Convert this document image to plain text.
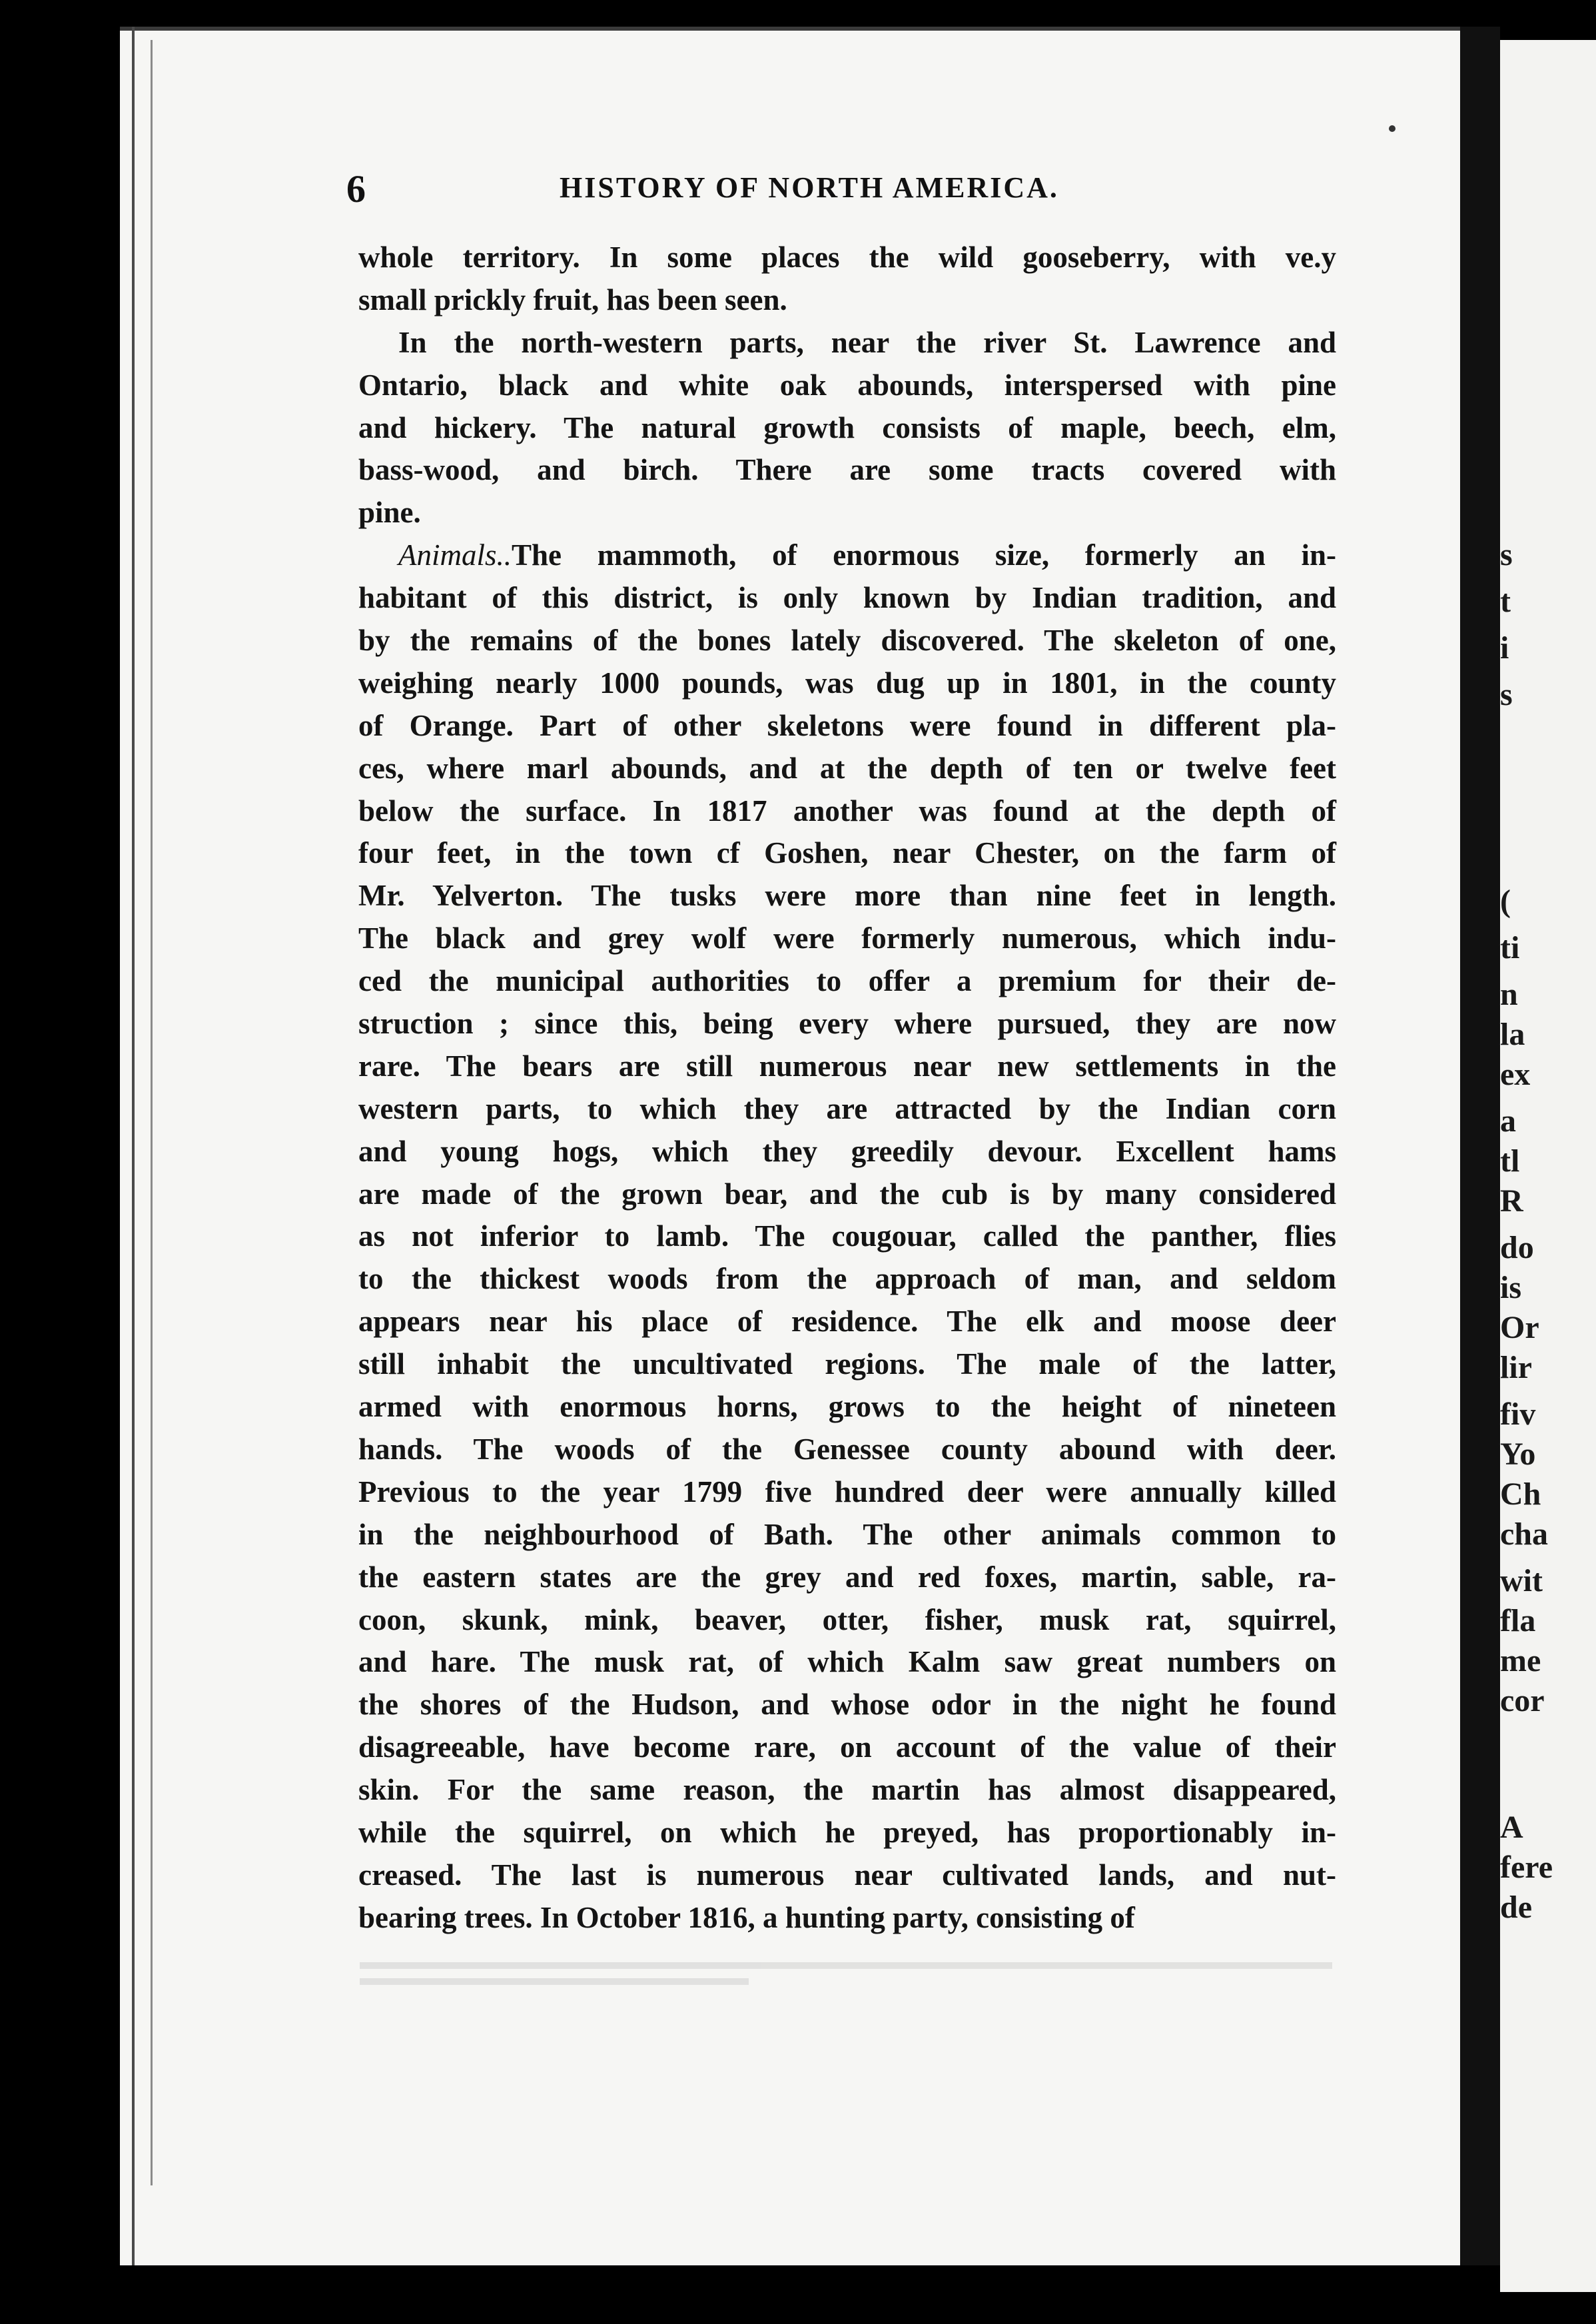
s
t
i
s
(
ti
n
la
ex
a
tl
R
do
is
Or
lir
fiv
Yo
Ch
cha
wit
fla
me
cor
A
fere
de
6	HISTORY OF NORTH AMERICA.
whole territory. In some places the wild gooseberry, with ve.y
small prickly fruit, has been seen.
In the north-western parts, near the river St. Lawrence and
Ontario, black and white oak abounds, interspersed with pine
and hickery. The natural growth consists of maple, beech, elm,
bass-wood, and birch. There are some tracts covered with
pine.
Animals..The mammoth, of enormous size, formerly an in-
habitant of this district, is only known by Indian tradition, and
by the remains of the bones lately discovered. The skeleton of one,
weighing nearly 1000 pounds, was dug up in 1801, in the county
of Orange. Part of other skeletons were found in different pla-
ces, where marl abounds, and at the depth of ten or twelve feet
below the surface. In 1817 another was found at the depth of
four feet, in the town cf Goshen, near Chester, on the farm of
Mr. Yelverton. The tusks were more than nine feet in length.
The black and grey wolf were formerly numerous, which indu-
ced the municipal authorities to offer a premium for their de-
struction ; since this, being every where pursued, they are now
rare. The bears are still numerous near new settlements in the
western parts, to which they are attracted by the Indian corn
and young hogs, which they greedily devour. Excellent hams
are made of the grown bear, and the cub is by many considered
as not inferior to lamb. The cougouar, called the panther, flies
to the thickest woods from the approach of man, and seldom
appears near his place of residence. The elk and moose deer
still inhabit the uncultivated regions. The male of the latter,
armed with enormous horns, grows to the height of nineteen
hands. The woods of the Genessee county abound with deer.
Previous to the year 1799 five hundred deer were annually killed
in the neighbourhood of Bath. The other animals common to
the eastern states are the grey and red foxes, martin, sable, ra-
coon, skunk, mink, beaver, otter, fisher, musk rat, squirrel,
and hare. The musk rat, of which Kalm saw great numbers on
the shores of the Hudson, and whose odor in the night he found
disagreeable, have become rare, on account of the value of their
skin. For the same reason, the martin has almost disappeared,
while the squirrel, on which he preyed, has proportionably in-
creased. The last is numerous near cultivated lands, and nut-
bearing trees. In October 1816, a hunting party, consisting of
